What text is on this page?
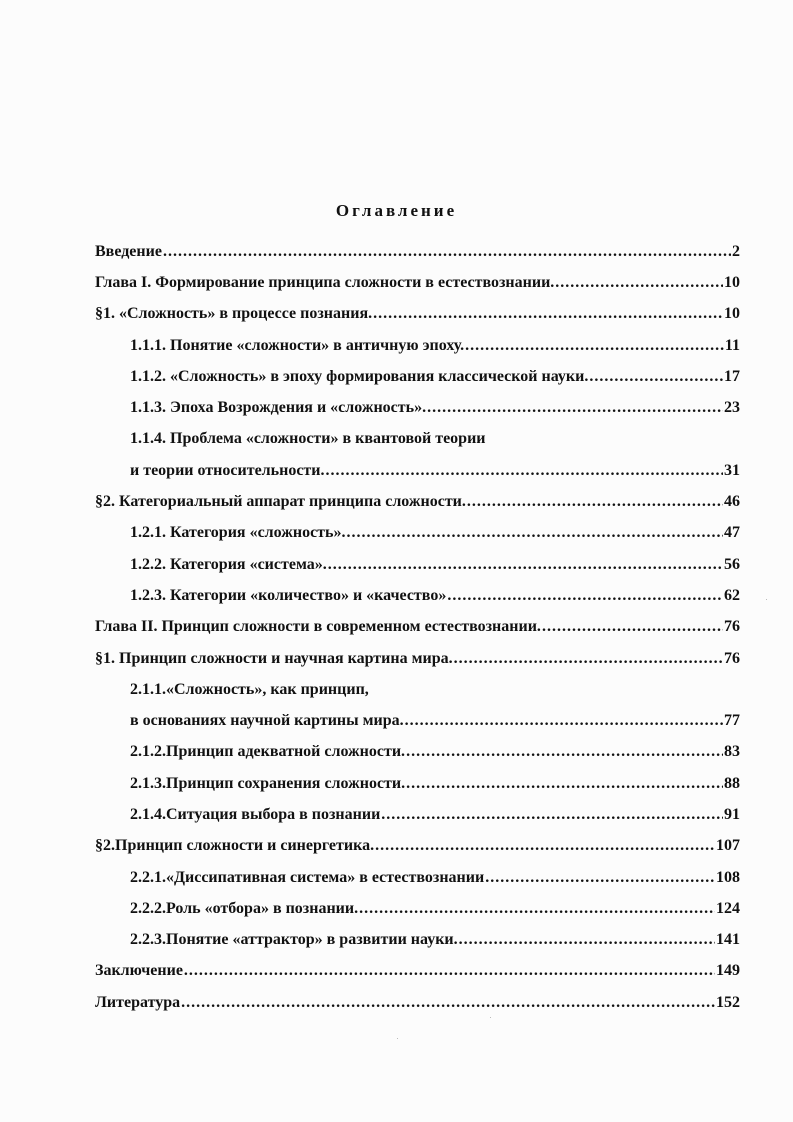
Оглавление
Введение .....	2
Глава I. Формирование принципа сложности в естествознании. .....	10
§1. «Сложность» в процессе познания. .....	10
1.1.1. Понятие «сложности» в античную эпоху. .....	11
1.1.2. «Сложность» в эпоху формирования классической науки. .....	17
1.1.3. Эпоха Возрождения и «сложность». .....	23
1.1.4. Проблема «сложности» в квантовой теории
и теории относительности. .....	31
§2. Категориальный аппарат принципа сложности. .....	46
1.2.1. Категория «сложность». .....	47
1.2.2. Категория «система». .....	56
1.2.3. Категории «количество» и «качество» .....	62
Глава II. Принцип сложности в современном естествознании. .....	76
§1. Принцип сложности и научная картина мира. .....	76
2.1.1.«Сложность», как принцип,
в основаниях научной картины мира. .....	77
2.1.2.Принцип адекватной сложности. .....	83
2.1.3.Принцип сохранения сложности. .....	88
2.1.4.Ситуация выбора в познании .....	91
§2.Принцип сложности и синергетика. .....	107
2.2.1.«Диссипативная система» в естествознании .....	108
2.2.2.Роль «отбора» в познании. .....	124
2.2.3.Понятие «аттрактор» в развитии науки. .....	141
Заключение .....	149
Литература .....	152
